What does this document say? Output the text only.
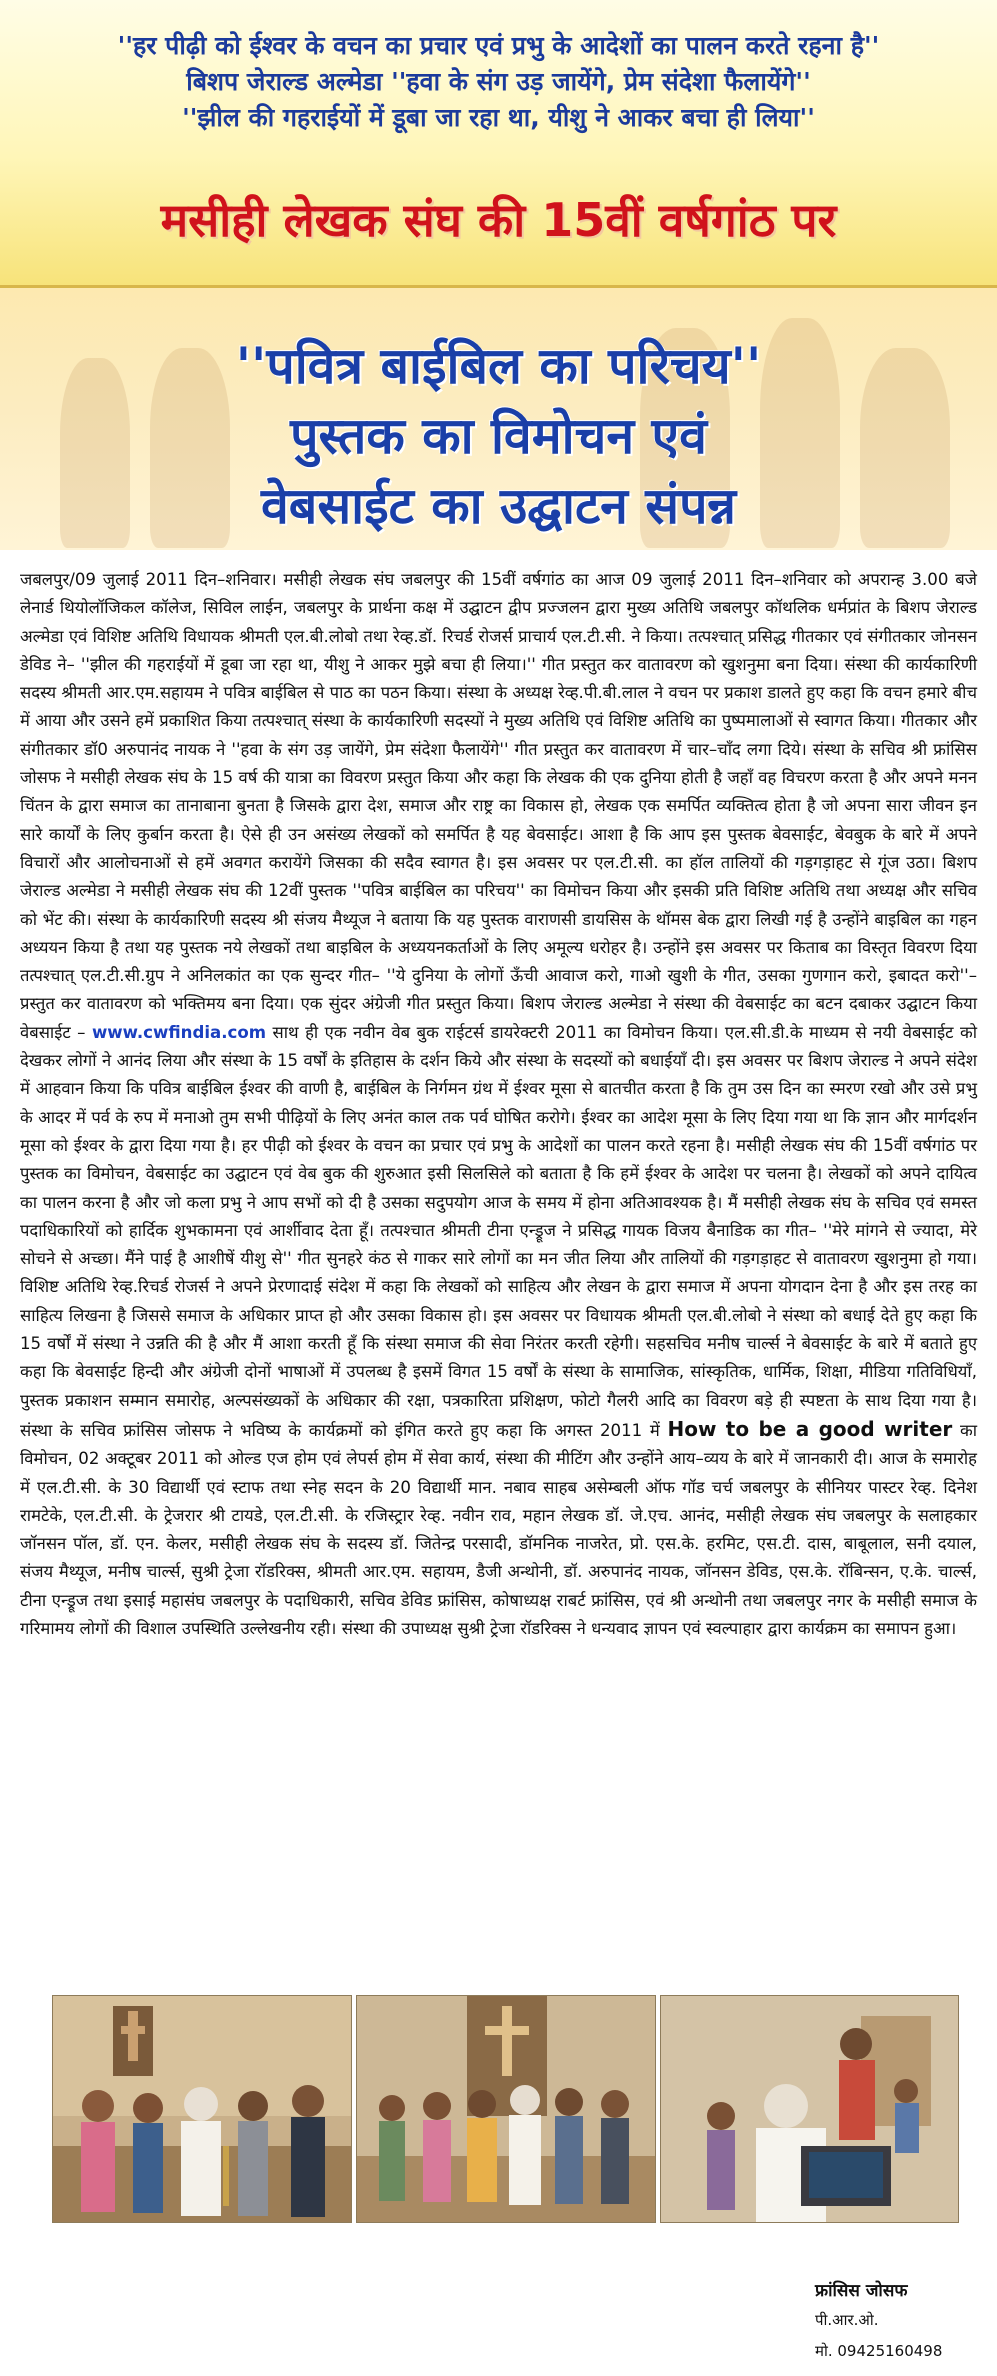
''हर पीढ़ी को ईश्वर के वचन का प्रचार एवं प्रभु के आदेशों का पालन करते रहना है''
बिशप जेराल्ड अल्मेडा ''हवा के संग उड़ जायेंगे, प्रेम संदेशा फैलायेंगे''
''झील की गहराईयों में डूबा जा रहा था, यीशु ने आकर बचा ही लिया''
मसीही लेखक संघ की 15वीं वर्षगांठ पर
''पवित्र बाईबिल का परिचय''
पुस्तक का विमोचन एवं
वेबसाईट का उद्घाटन संपन्न

जबलपुर/09 जुलाई 2011 दिन–शनिवार। मसीही लेखक संघ जबलपुर की 15वीं वर्षगांठ का आज 09 जुलाई 2011 दिन–शनिवार को अपरान्ह 3.00 बजे लेनार्ड थियोलॉजिकल कॉलेज, सिविल लाईन, जबलपुर के प्रार्थना कक्ष में उद्घाटन द्वीप प्रज्जलन द्वारा मुख्य अतिथि जबलपुर कॉथलिक धर्मप्रांत के बिशप जेराल्ड अल्मेडा एवं विशिष्ट अतिथि विधायक श्रीमती एल.बी.लोबो तथा रेव्ह.डॉ. रिचर्ड रोजर्स प्राचार्य एल.टी.सी. ने किया। तत्पश्चात् प्रसिद्ध गीतकार एवं संगीतकार जोनसन डेविड ने– ''झील की गहराईयों में डूबा जा रहा था, यीशु ने आकर मुझे बचा ही लिया।'' गीत प्रस्तुत कर वातावरण को खुशनुमा बना दिया। संस्था की कार्यकारिणी सदस्य श्रीमती आर.एम.सहायम ने पवित्र बाईबिल से पाठ का पठन किया। संस्था के अध्यक्ष रेव्ह.पी.बी.लाल ने वचन पर प्रकाश डालते हुए कहा कि वचन हमारे बीच में आया और उसने हमें प्रकाशित किया तत्पश्चात् संस्था के कार्यकारिणी सदस्यों ने मुख्य अतिथि एवं विशिष्ट अतिथि का पुष्पमालाओं से स्वागत किया। गीतकार और संगीतकार डॉ0 अरुपानंद नायक ने ''हवा के संग उड़ जायेंगे, प्रेम संदेशा फैलायेंगे'' गीत प्रस्तुत कर वातावरण में चार–चाँद लगा दिये। संस्था के सचिव श्री फ्रांसिस जोसफ ने मसीही लेखक संघ के 15 वर्ष की यात्रा का विवरण प्रस्तुत किया और कहा कि लेखक की एक दुनिया होती है जहाँ वह विचरण करता है और अपने मनन चिंतन के द्वारा समाज का तानाबाना बुनता है जिसके द्वारा देश, समाज और राष्ट्र का विकास हो, लेखक एक समर्पित व्यक्तित्व होता है जो अपना सारा जीवन इन सारे कार्यों के लिए कुर्बान करता है। ऐसे ही उन असंख्य लेखकों को समर्पित है यह बेवसाईट। आशा है कि आप इस पुस्तक बेवसाईट, बेवबुक के बारे में अपने विचारों और आलोचनाओं से हमें अवगत करायेंगे जिसका की सदैव स्वागत है। इस अवसर पर एल.टी.सी. का हॉल तालियों की गड़गड़ाहट से गूंज उठा। बिशप जेराल्ड अल्मेडा ने मसीही लेखक संघ की 12वीं पुस्तक ''पवित्र बाईबिल का परिचय'' का विमोचन किया और इसकी प्रति विशिष्ट अतिथि तथा अध्यक्ष और सचिव को भेंट की। संस्था के कार्यकारिणी सदस्य श्री संजय मैथ्यूज ने बताया कि यह पुस्तक वाराणसी डायसिस के थॉमस बेक द्वारा लिखी गई है उन्होंने बाइबिल का गहन अध्ययन किया है तथा यह पुस्तक नये लेखकों तथा बाइबिल के अध्ययनकर्ताओं के लिए अमूल्य धरोहर है। उन्होंने इस अवसर पर किताब का विस्तृत विवरण दिया तत्पश्चात् एल.टी.सी.ग्रुप ने अनिलकांत का एक सुन्दर गीत– ''ये दुनिया के लोगों ऊँची आवाज करो, गाओ खुशी के गीत, उसका गुणगान करो, इबादत करो''– प्रस्तुत कर वातावरण को भक्तिमय बना दिया। एक सुंदर अंग्रेजी गीत प्रस्तुत किया। बिशप जेराल्ड अल्मेडा ने संस्था की वेबसाईट का बटन दबाकर उद्घाटन किया वेबसाईट – www.cwfindia.com साथ ही एक नवीन वेब बुक राईटर्स डायरेक्टरी 2011 का विमोचन किया। एल.सी.डी.के माध्यम से नयी वेबसाईट को देखकर लोगों ने आनंद लिया और संस्था के 15 वर्षों के इतिहास के दर्शन किये और संस्था के सदस्यों को बधाईयाँ दी। इस अवसर पर बिशप जेराल्ड ने अपने संदेश में आहवान किया कि पवित्र बाईबिल ईश्वर की वाणी है, बाईबिल के निर्गमन ग्रंथ में ईश्वर मूसा से बातचीत करता है कि तुम उस दिन का स्मरण रखो और उसे प्रभु के आदर में पर्व के रुप में मनाओ तुम सभी पीढ़ियों के लिए अनंत काल तक पर्व घोषित करोगे। ईश्वर का आदेश मूसा के लिए दिया गया था कि ज्ञान और मार्गदर्शन मूसा को ईश्वर के द्वारा दिया गया है। हर पीढ़ी को ईश्वर के वचन का प्रचार एवं प्रभु के आदेशों का पालन करते रहना है। मसीही लेखक संघ की 15वीं वर्षगांठ पर पुस्तक का विमोचन, वेबसाईट का उद्घाटन एवं वेब बुक की शुरुआत इसी सिलसिले को बताता है कि हमें ईश्वर के आदेश पर चलना है। लेखकों को अपने दायित्व का पालन करना है और जो कला प्रभु ने आप सभों को दी है उसका सदुपयोग आज के समय में होना अतिआवश्यक है। मैं मसीही लेखक संघ के सचिव एवं समस्त पदाधिकारियों को हार्दिक शुभकामना एवं आर्शीवाद देता हूँ। तत्पश्चात श्रीमती टीना एन्ड्रूज ने प्रसिद्ध गायक विजय बैनाडिक का गीत– ''मेरे मांगने से ज्यादा, मेरे सोचने से अच्छा। मैंने पाई है आशीषें यीशु से'' गीत सुनहरे कंठ से गाकर सारे लोगों का मन जीत लिया और तालियों की गड़गड़ाहट से वातावरण खुशनुमा हो गया। विशिष्ट अतिथि रेव्ह.रिचर्ड रोजर्स ने अपने प्रेरणादाई संदेश में कहा कि लेखकों को साहित्य और लेखन के द्वारा समाज में अपना योगदान देना है और इस तरह का साहित्य लिखना है जिससे समाज के अधिकार प्राप्त हो और उसका विकास हो। इस अवसर पर विधायक श्रीमती एल.बी.लोबो ने संस्था को बधाई देते हुए कहा कि 15 वर्षों में संस्था ने उन्नति की है और मैं आशा करती हूँ कि संस्था समाज की सेवा निरंतर करती रहेगी। सहसचिव मनीष चार्ल्स ने बेवसाईट के बारे में बताते हुए कहा कि बेवसाईट हिन्दी और अंग्रेजी दोनों भाषाओं में उपलब्ध है इसमें विगत 15 वर्षों के संस्था के सामाजिक, सांस्कृतिक, धार्मिक, शिक्षा, मीडिया गतिविधियाँ, पुस्तक प्रकाशन सम्मान समारोह, अल्पसंख्यकों के अधिकार की रक्षा, पत्रकारिता प्रशिक्षण, फोटो गैलरी आदि का विवरण बड़े ही स्पष्टता के साथ दिया गया है। संस्था के सचिव फ्रांसिस जोसफ ने भविष्य के कार्यक्रमों को इंगित करते हुए कहा कि अगस्त 2011 में How to be a good writer का विमोचन, 02 अक्टूबर 2011 को ओल्ड एज होम एवं लेपर्स होम में सेवा कार्य, संस्था की मीटिंग और उन्होंने आय–व्यय के बारे में जानकारी दी। आज के समारोह में एल.टी.सी. के 30 विद्यार्थी एवं स्टाफ तथा स्नेह सदन के 20 विद्यार्थी मान. नबाव साहब असेम्बली ऑफ गॉड चर्च जबलपुर के सीनियर पास्टर रेव्ह. दिनेश रामटेके, एल.टी.सी. के ट्रेजरार श्री टायडे, एल.टी.सी. के रजिस्ट्रार रेव्ह. नवीन राव, महान लेखक डॉ. जे.एच. आनंद, मसीही लेखक संघ जबलपुर के सलाहकार जॉनसन पॉल, डॉ. एन. केलर, मसीही लेखक संघ के सदस्य डॉ. जितेन्द्र परसादी, डॉमनिक नाजरेत, प्रो. एस.के. हरमिट, एस.टी. दास, बाबूलाल, सनी दयाल, संजय मैथ्यूज, मनीष चार्ल्स, सुश्री ट्रेजा रॉडरिक्स, श्रीमती आर.एम. सहायम, डैजी अन्थोनी, डॉ. अरुपानंद नायक, जॉनसन डेविड, एस.के. रॉबिन्सन, ए.के. चार्ल्स, टीना एन्ड्रूज तथा इसाई महासंघ जबलपुर के पदाधिकारी, सचिव डेविड फ्रांसिस, कोषाध्यक्ष राबर्ट फ्रांसिस, एवं श्री अन्थोनी तथा जबलपुर नगर के मसीही समाज के गरिमामय लोगों की विशाल उपस्थिति उल्लेखनीय रही। संस्था की उपाध्यक्ष सुश्री ट्रेजा रॉडरिक्स ने धन्यवाद ज्ञापन एवं स्वल्पाहार द्वारा कार्यक्रम का समापन हुआ।

फ्रांसिस जोसफ
पी.आर.ओ.
मो. 09425160498
